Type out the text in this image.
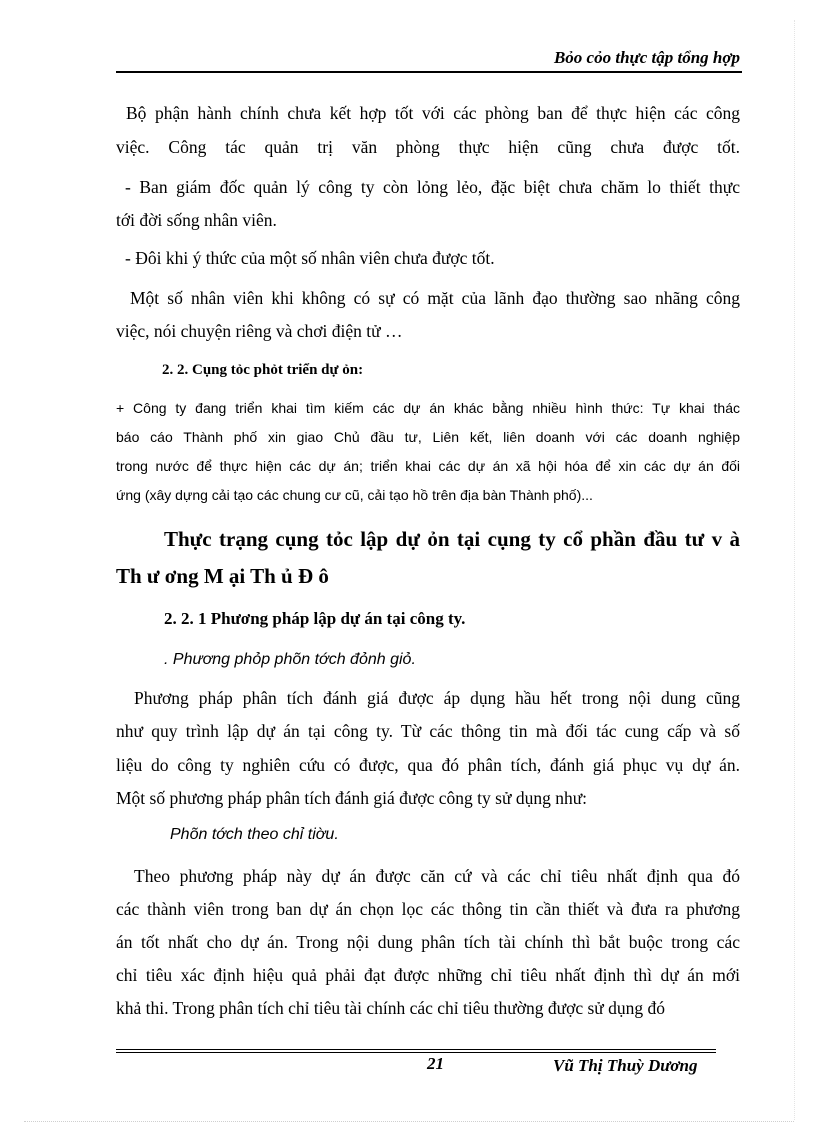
Bỏo cỏo thực tập tổng hợp
Bộ phận hành chính chưa kết hợp tốt với các phòng ban để thực hiện các công
việc. Công tác quản trị văn phòng thực hiện cũng chưa được tốt.
- Ban giám đốc quản lý công ty còn lỏng lẻo, đặc biệt chưa chăm lo thiết thực
tới đời sống nhân viên.
- Đôi khi ý thức của một số nhân viên chưa được tốt.
Một số nhân viên khi không có sự có mặt của lãnh đạo thường sao nhãng công
việc, nói chuyện riêng và chơi điện tử …
2. 2. Cụng tỏc phỏt triển dự ỏn:
+ Công ty đang triển khai tìm kiếm các dự án khác bằng nhiều hình thức: Tự khai thác
báo cáo Thành phố xin giao Chủ đầu tư, Liên kết, liên doanh với các doanh nghiệp
trong nước để thực hiện các dự án; triển khai các dự án xã hội hóa để xin các dự án đối
ứng (xây dựng cải tạo các chung cư cũ, cải tạo hồ trên địa bàn Thành phố)...
Thực trạng cụng tỏc lập dự ỏn tại cụng ty cổ phần đầu tư v à
Th ư ơng M ại Th ủ Đ ô
2. 2. 1 Phương pháp lập dự án tại công ty.
. Phương phỏp phõn tớch đỏnh giỏ.
Phương pháp phân tích đánh giá được áp dụng hầu hết trong nội dung cũng
như quy trình lập dự án tại công ty. Từ các thông tin mà đối tác cung cấp và số
liệu do công ty nghiên cứu có được, qua đó phân tích, đánh giá phục vụ dự án.
Một số phương pháp phân tích đánh giá được công ty sử dụng như:
Phõn tớch theo chỉ tiờu.
Theo phương pháp này dự án được căn cứ và các chỉ tiêu nhất định qua đó
các thành viên trong ban dự án chọn lọc các thông tin cần thiết và đưa ra phương
án tốt nhất cho dự án. Trong nội dung phân tích tài chính thì bắt buộc trong các
chỉ tiêu xác định hiệu quả phải đạt được những chỉ tiêu nhất định thì dự án mới
khả thi. Trong phân tích chỉ tiêu tài chính các chỉ tiêu thường được sử dụng đó
21	Vũ Thị Thuỳ Dương
